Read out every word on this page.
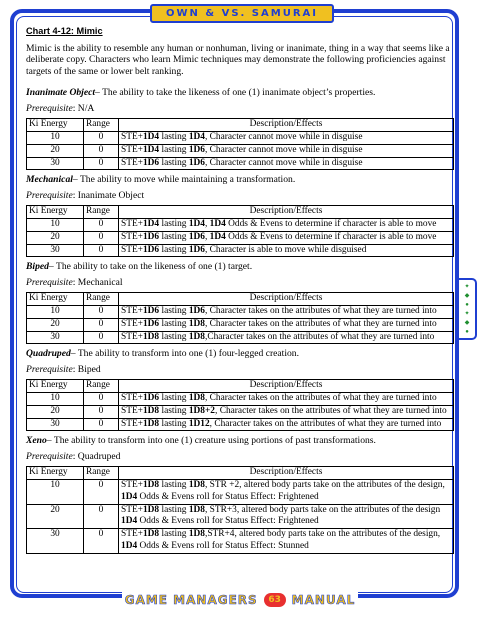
OWN & VS. SAMURAI
✦
◆
●
✦
◆
●
Chart 4-12: Mimic

Mimic is the ability to resemble any human or nonhuman, living or inanimate, thing in a way that seems like a deliberate copy. Characters who learn Mimic techniques may demonstrate the following proficiencies against targets of the same or lower belt ranking.

Inanimate Object– The ability to take the likeness of one (1) inanimate object’s properties.

Prerequisite: N/A

Ki Energy	Range	Description/Effects
10	0	STE+1D4 lasting 1D4, Character cannot move while in disguise
20	0	STE+1D4 lasting 1D6, Character cannot move while in disguise
30	0	STE+1D6 lasting 1D6, Character cannot move while in disguise

Mechanical– The ability to move while maintaining a transformation.

Prerequisite: Inanimate Object

Ki Energy	Range	Description/Effects
10	0	STE+1D4 lasting 1D4, 1D4 Odds & Evens to determine if character is able to move
20	0	STE+1D6 lasting 1D6, 1D4 Odds & Evens to determine if character is able to move
30	0	STE+1D6 lasting 1D6, Character is able to move while disguised

Biped– The ability to take on the likeness of one (1) target.

Prerequisite: Mechanical

Ki Energy	Range	Description/Effects
10	0	STE+1D6 lasting 1D6, Character takes on the attributes of what they are turned into
20	0	STE+1D6 lasting 1D8, Character takes on the attributes of what they are turned into
30	0	STE+1D8 lasting 1D8,Character takes on the attributes of what they are turned into

Quadruped– The ability to transform into one (1) four-legged creation.

Prerequisite: Biped

Ki Energy	Range	Description/Effects
10	0	STE+1D6 lasting 1D8, Character takes on the attributes of what they are turned into
20	0	STE+1D8 lasting 1D8+2, Character takes on the attributes of what they are turned into
30	0	STE+1D8 lasting 1D12, Character takes on the attributes of what they are turned into

Xeno– The ability to transform into one (1) creature using portions of past transformations.

Prerequisite: Quadruped

Ki Energy	Range	Description/Effects
10	0	STE+1D8 lasting 1D8, STR +2, altered body parts take on the attributes of the design, 1D4 Odds & Evens roll for Status Effect: Frightened
20	0	STE+1D8 lasting 1D8, STR+3, altered body parts take on the attributes of the design 1D4 Odds & Evens roll for Status Effect: Frightened
30	0	STE+1D8 lasting 1D8,STR+4, altered body parts take on the attributes of the design, 1D4 Odds & Evens roll for Status Effect: Stunned
GAME MANAGERS	63 MANUAL
